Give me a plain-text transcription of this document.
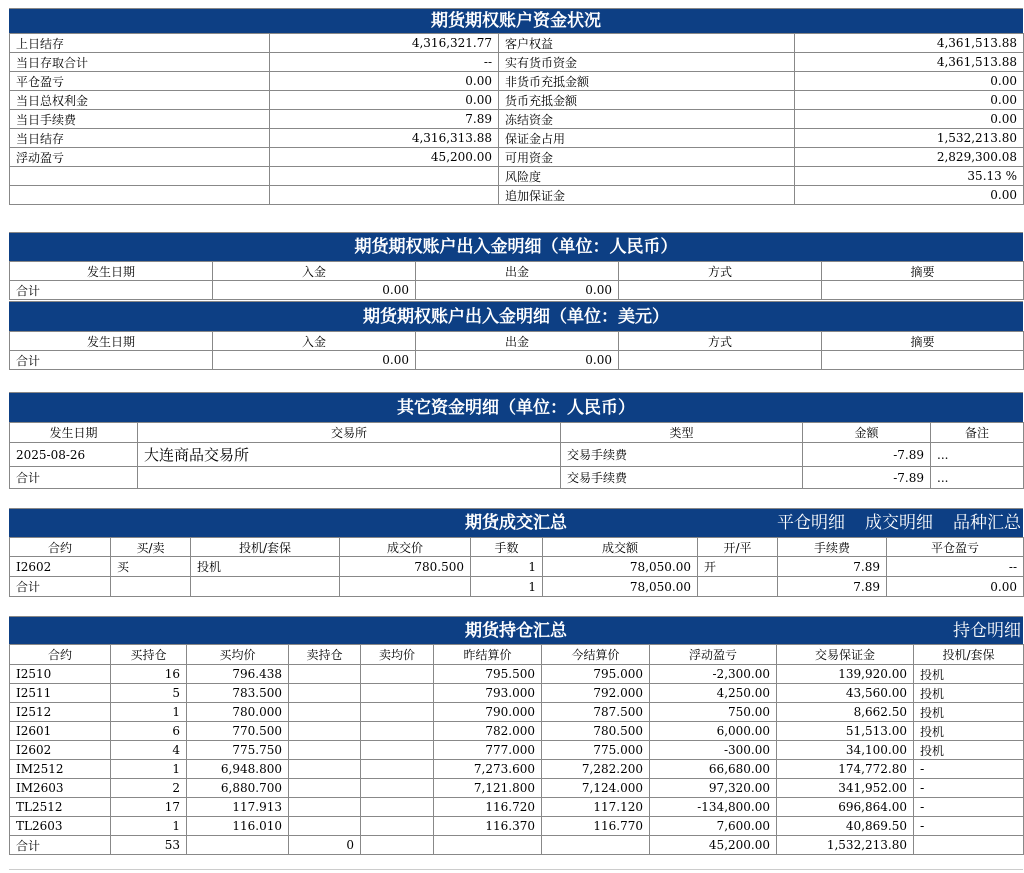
期货期权账户资金状况
上日结存	4,316,321.77	客户权益	4,361,513.88
当日存取合计	--	实有货币资金	4,361,513.88
平仓盈亏	0.00	非货币充抵金额	0.00
当日总权利金	0.00	货币充抵金额	0.00
当日手续费	7.89	冻结资金	0.00
当日结存	4,316,313.88	保证金占用	1,532,213.80
浮动盈亏	45,200.00	可用资金	2,829,300.08
		风险度	35.13 %
		追加保证金	0.00
期货期权账户出入金明细（单位：人民币）
发生日期	入金	出金	方式	摘要
合计	0.00	0.00		
期货期权账户出入金明细（单位：美元）
发生日期	入金	出金	方式	摘要
合计	0.00	0.00		
其它资金明细（单位：人民币）
发生日期	交易所	类型	金额	备注
2025-08-26	大连商品交易所	交易手续费	-7.89	...
合计		交易手续费	-7.89	...
期货成交汇总	平仓明细 成交明细 品种汇总
合约	买/卖	投机/套保	成交价	手数	成交额	开/平	手续费	平仓盈亏
I2602	买	投机	780.500	1	78,050.00	开	7.89	--
合计				1	78,050.00		7.89	0.00
期货持仓汇总	持仓明细
合约	买持仓	买均价	卖持仓	卖均价	昨结算价	今结算价	浮动盈亏	交易保证金	投机/套保
I2510	16	796.438			795.500	795.000	-2,300.00	139,920.00	投机
I2511	5	783.500			793.000	792.000	4,250.00	43,560.00	投机
I2512	1	780.000			790.000	787.500	750.00	8,662.50	投机
I2601	6	770.500			782.000	780.500	6,000.00	51,513.00	投机
I2602	4	775.750			777.000	775.000	-300.00	34,100.00	投机
IM2512	1	6,948.800			7,273.600	7,282.200	66,680.00	174,772.80	-
IM2603	2	6,880.700			7,121.800	7,124.000	97,320.00	341,952.00	-
TL2512	17	117.913			116.720	117.120	-134,800.00	696,864.00	-
TL2603	1	116.010			116.370	116.770	7,600.00	40,869.50	-
合计	53		0				45,200.00	1,532,213.80	
